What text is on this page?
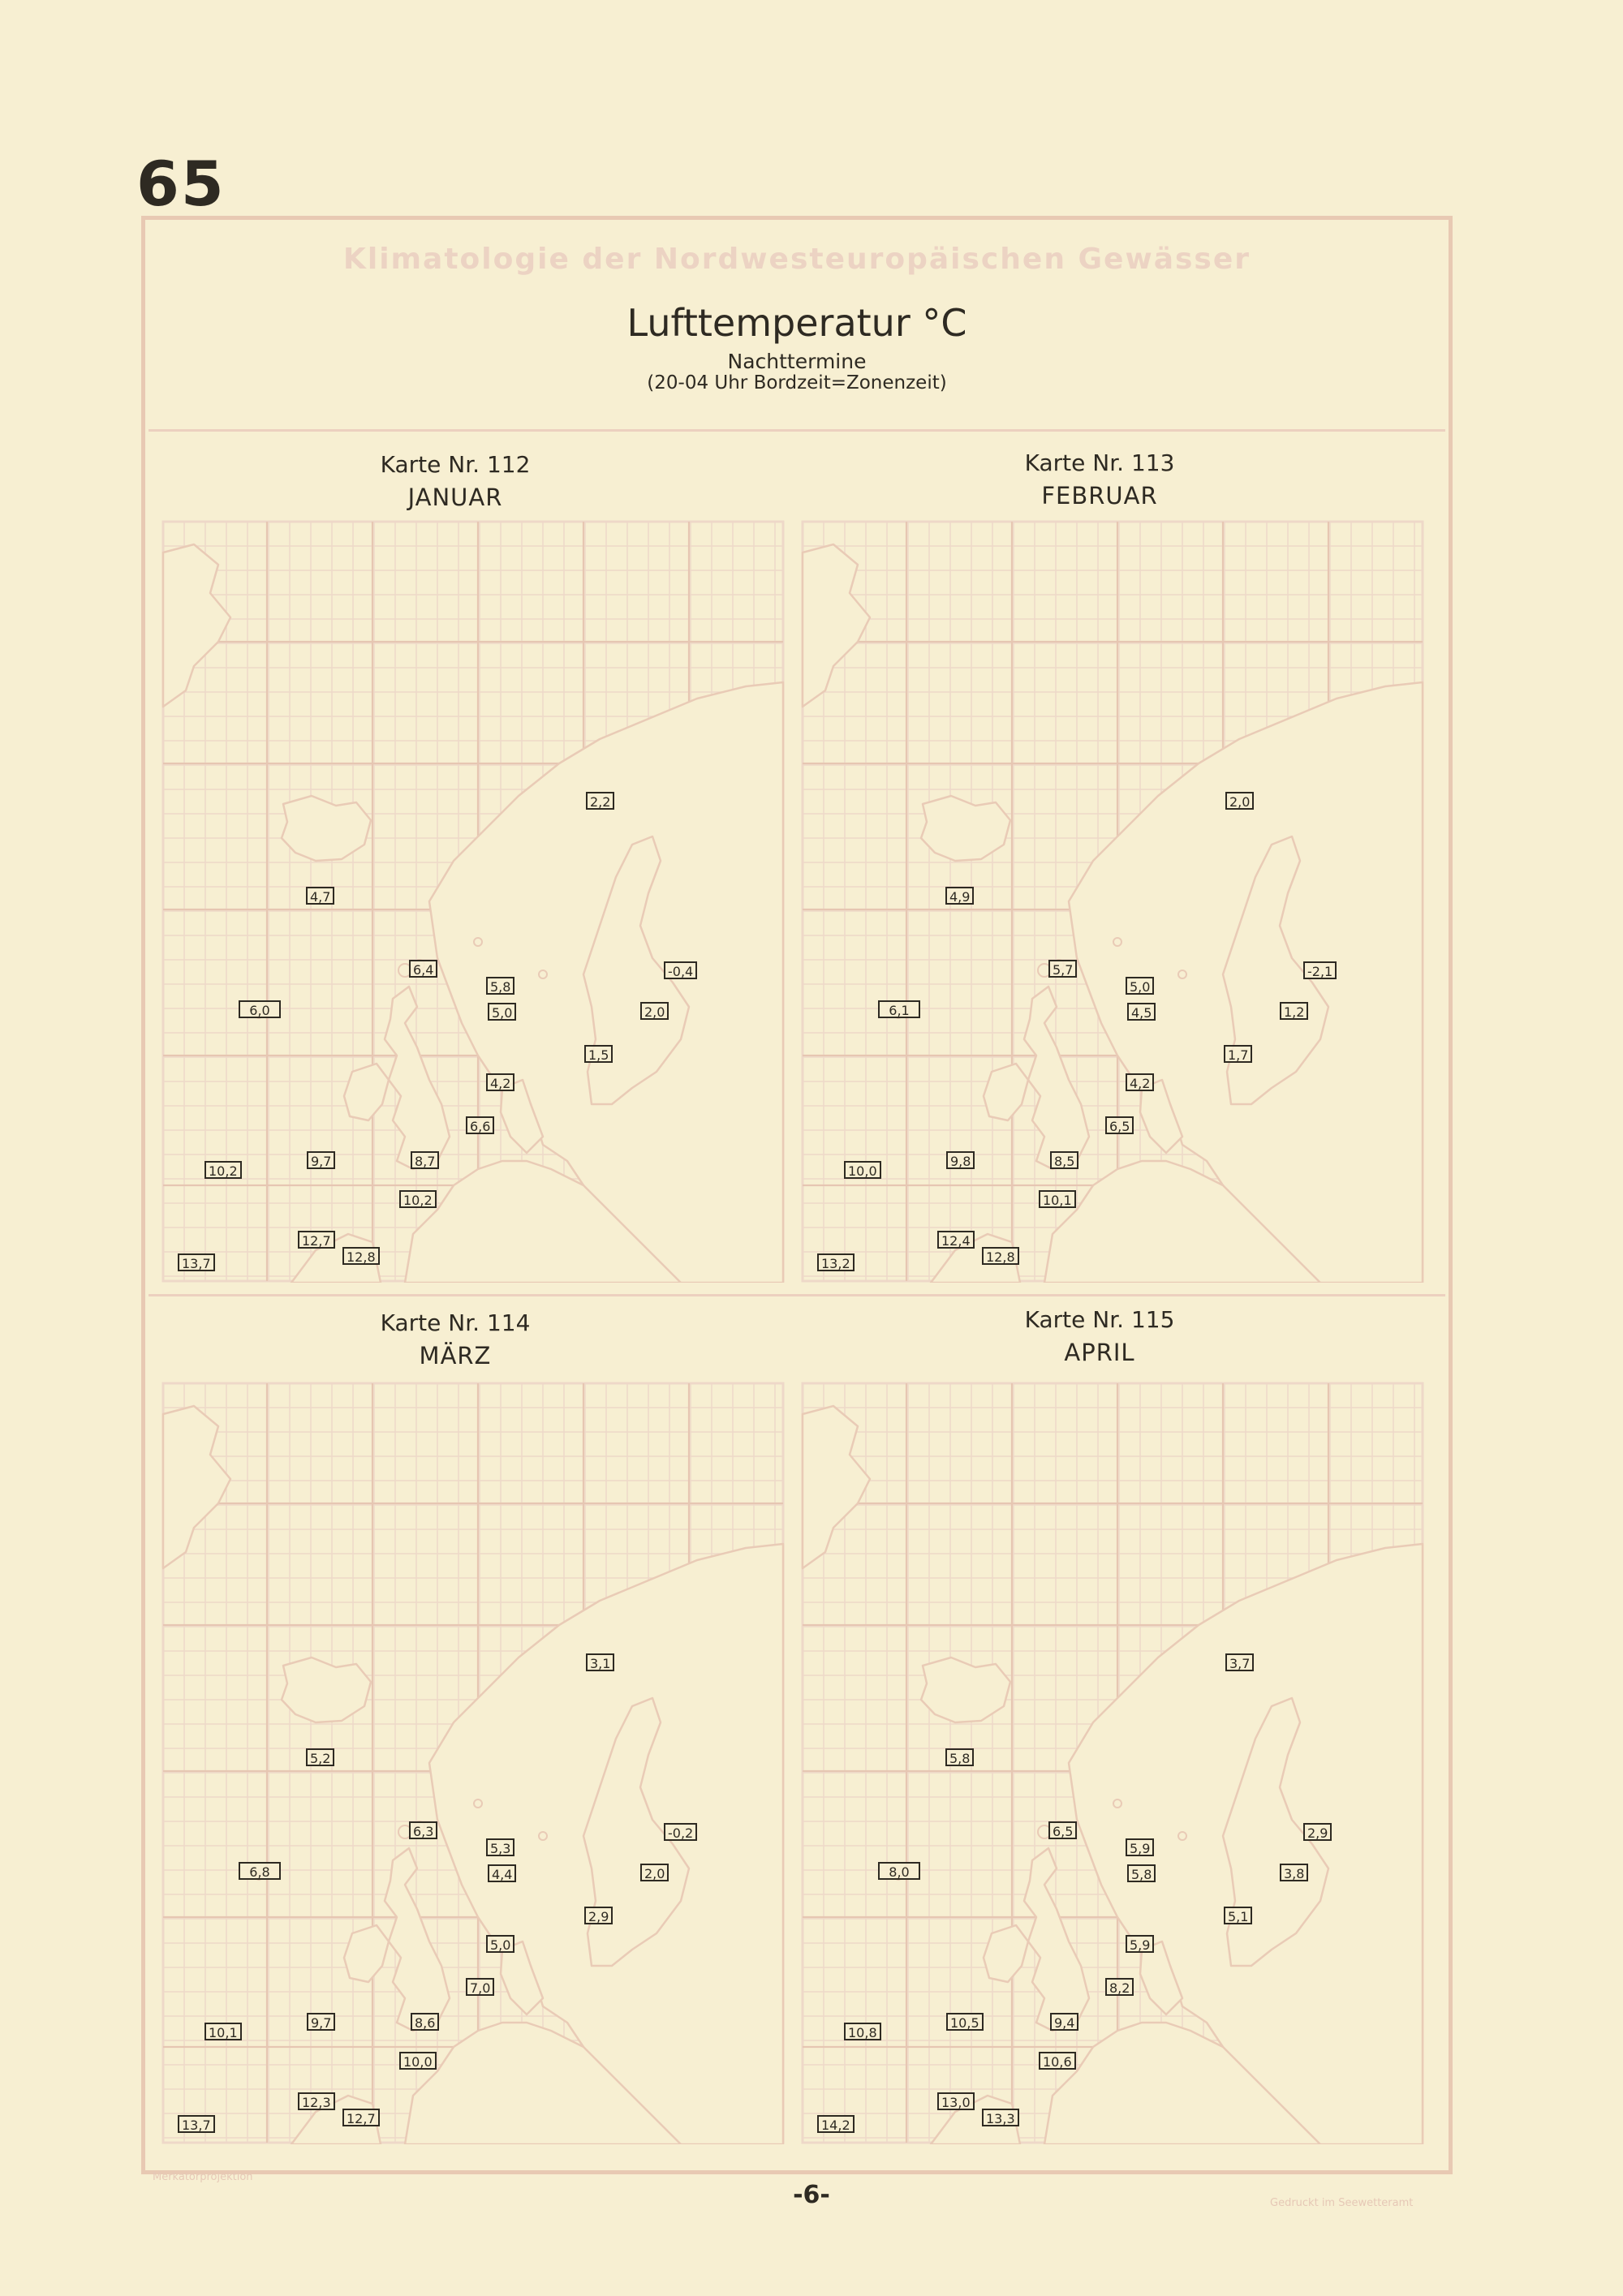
65
Klimatologie der Nordwesteuropäischen Gewässer
Lufttemperatur °C
Nachttermine
(20-04 Uhr Bordzeit=Zonenzeit)
Karte Nr. 112
JANUAR
Karte Nr. 113
FEBRUAR
Karte Nr. 114
MÄRZ
Karte Nr. 115
APRIL
2,2
4,7
6,4
5,8
-0,4
6,0	5,0	2,0
1,5
4,2
6,6
8,7
9,7
10,2
10,2
12,7
13,7	12,8
2,0
4,9
5,7
5,0
-2,1
6,1	4,5	1,2
1,7
4,2
6,5
8,5
9,8
10,1
10,0
12,4
13,2	12,8
3,1
5,2
6,3
5,3
-0,2
6,8	4,4	2,0
2,9
5,0
7,0
8,6
9,7
10,0
10,1
12,3
13,7	12,7
3,7
5,8
6,5
5,9
2,9
8,0	5,8	3,8
5,1
5,9
8,2
9,4
10,5
10,6
10,8
13,0
14,2	13,3
Merkatorprojektion
Gedruckt im Seewetteramt
-6-
